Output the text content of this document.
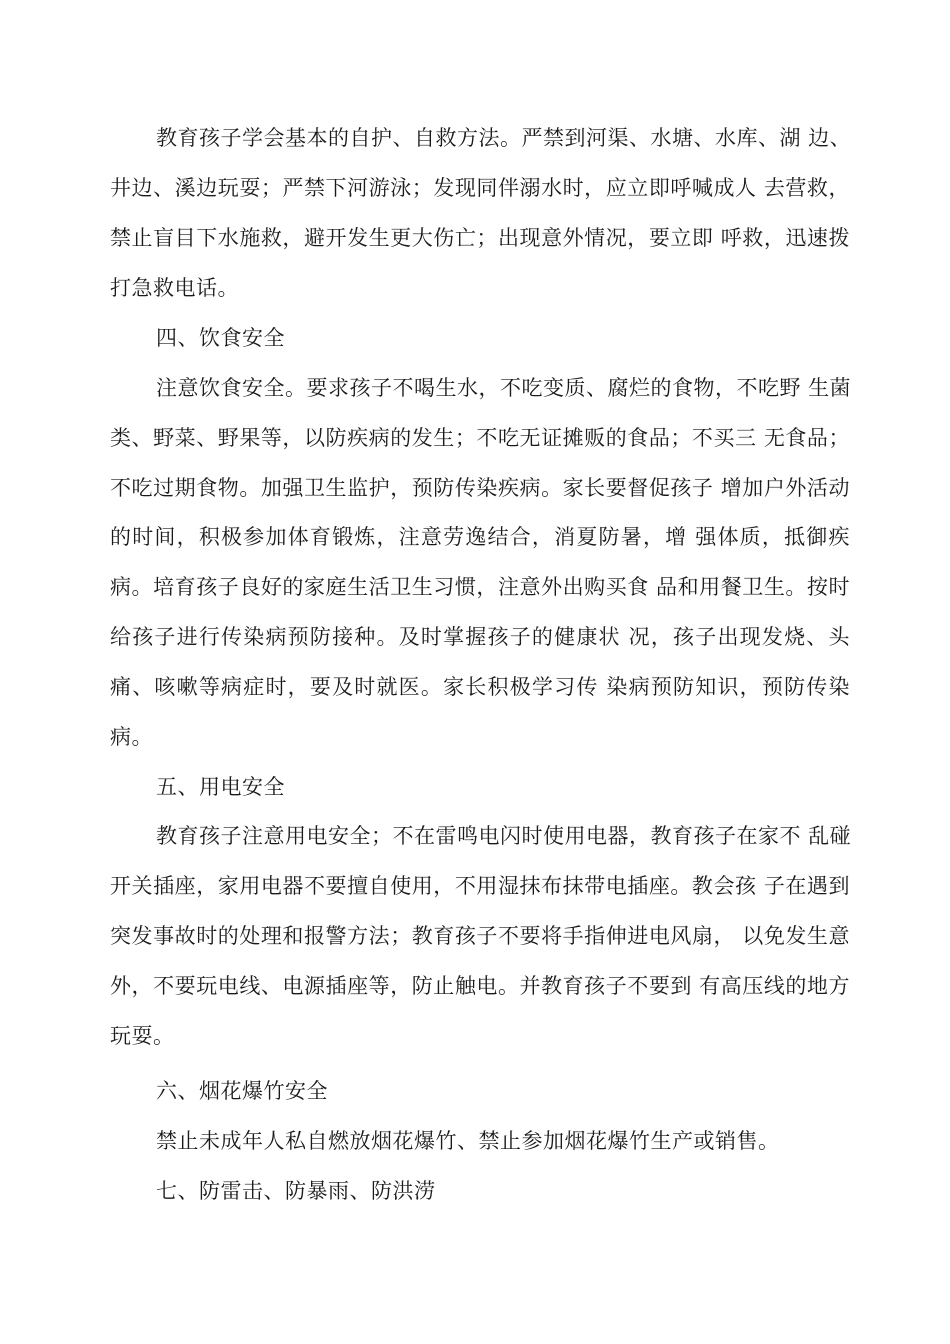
教育孩子学会基本的自护、自救方法。严禁到河渠、水塘、水库、湖 边、
井边、溪边玩耍；严禁下河游泳；发现同伴溺水时，应立即呼喊成人 去营救，
禁止盲目下水施救，避开发生更大伤亡；出现意外情况，要立即 呼救，迅速拨
打急救电话。
四、饮食安全
注意饮食安全。要求孩子不喝生水，不吃变质、腐烂的食物，不吃野 生菌
类、野菜、野果等，以防疾病的发生；不吃无证摊贩的食品；不买三 无食品；
不吃过期食物。加强卫生监护，预防传染疾病。家长要督促孩子 增加户外活动
的时间，积极参加体育锻炼，注意劳逸结合，消夏防暑，增 强体质，抵御疾
病。培育孩子良好的家庭生活卫生习惯，注意外出购买食 品和用餐卫生。按时
给孩子进行传染病预防接种。及时掌握孩子的健康状 况，孩子出现发烧、头
痛、咳嗽等病症时，要及时就医。家长积极学习传 染病预防知识，预防传染
病。
五、用电安全
教育孩子注意用电安全；不在雷鸣电闪时使用电器，教育孩子在家不 乱碰
开关插座，家用电器不要擅自使用，不用湿抹布抹带电插座。教会孩 子在遇到
突发事故时的处理和报警方法；教育孩子不要将手指伸进电风扇， 以免发生意
外，不要玩电线、电源插座等，防止触电。并教育孩子不要到 有高压线的地方
玩耍。
六、烟花爆竹安全
禁止未成年人私自燃放烟花爆竹、禁止参加烟花爆竹生产或销售。
七、防雷击、防暴雨、防洪涝
